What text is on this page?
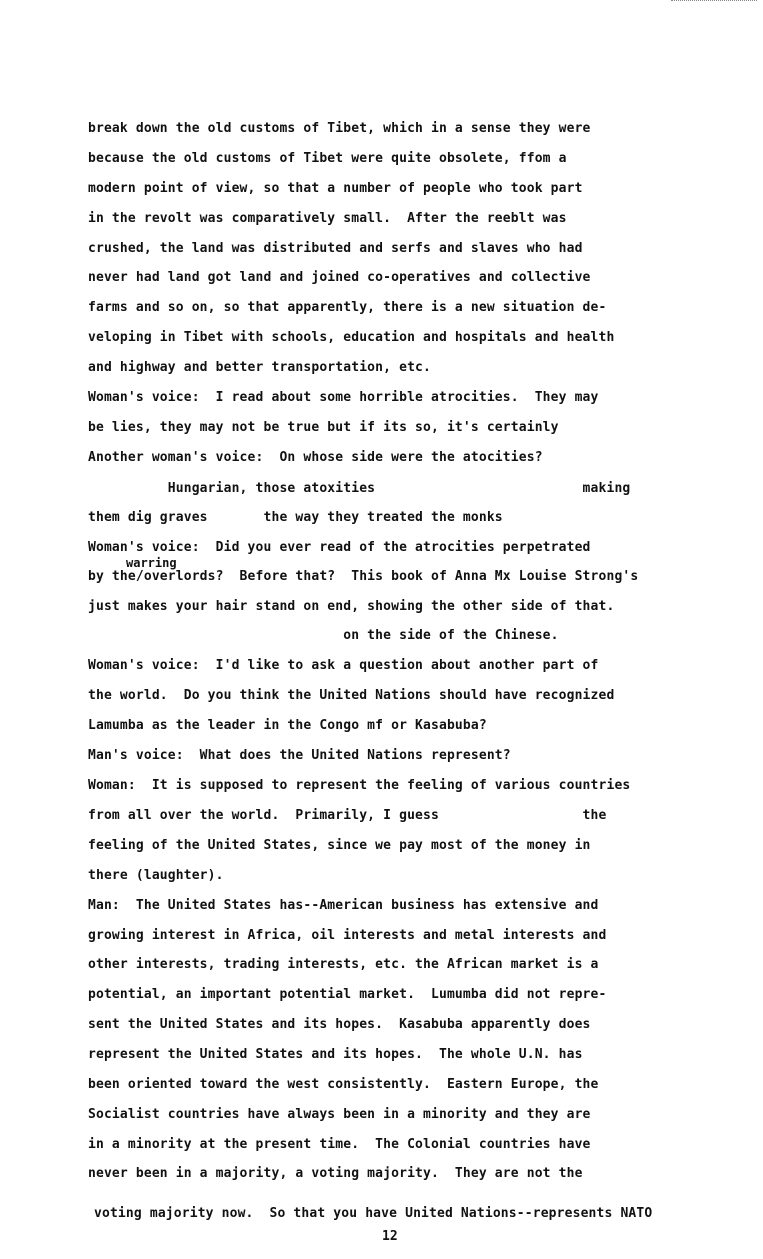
break down the old customs of Tibet, which in a sense they were
because the old customs of Tibet were quite obsolete, ffom a
modern point of view, so that a number of people who took part
in the revolt was comparatively small.  After the reeblt was
crushed, the land was distributed and serfs and slaves who had
never had land got land and joined co-operatives and collective
farms and so on, so that apparently, there is a new situation de-
veloping in Tibet with schools, education and hospitals and health
and highway and better transportation, etc.
Woman's voice:  I read about some horrible atrocities.  They may
be lies, they may not be true but if its so, it's certainly
Another woman's voice:  On whose side were the atocities?
Hungarian, those atoxities                          making
them dig graves       the way they treated the monks
Woman's voice:  Did you ever read of the atrocities perpetrated
warring
by the/overlords?  Before that?  This book of Anna Mx Louise Strong's
just makes your hair stand on end, showing the other side of that.
on the side of the Chinese.
Woman's voice:  I'd like to ask a question about another part of
the world.  Do you think the United Nations should have recognized
Lamumba as the leader in the Congo mf or Kasabuba?
Man's voice:  What does the United Nations represent?
Woman:  It is supposed to represent the feeling of various countries
from all over the world.  Primarily, I guess                  the
feeling of the United States, since we pay most of the money in
there (laughter).
Man:  The United States has--American business has extensive and
growing interest in Africa, oil interests and metal interests and
other interests, trading interests, etc. the African market is a
potential, an important potential market.  Lumumba did not repre-
sent the United States and its hopes.  Kasabuba apparently does
represent the United States and its hopes.  The whole U.N. has
been oriented toward the west consistently.  Eastern Europe, the
Socialist countries have always been in a minority and they are
in a minority at the present time.  The Colonial countries have
never been in a majority, a voting majority.  They are not the
voting majority now.  So that you have United Nations--represents NATO
12
